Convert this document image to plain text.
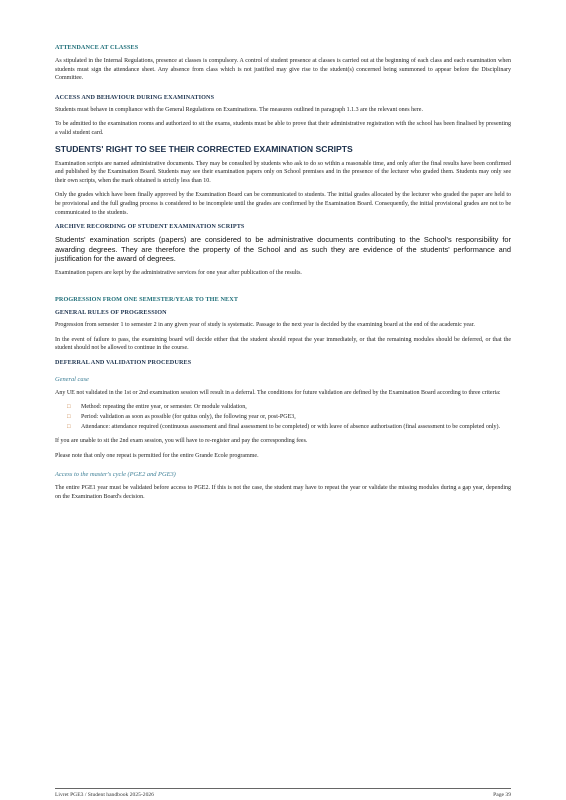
ATTENDANCE AT CLASSES

As stipulated in the Internal Regulations, presence at classes is compulsory. A control of student presence at classes is carried out at the beginning of each class and each examination when students must sign the attendance sheet. Any absence from class which is not justified may give rise to the student(s) concerned being summoned to appear before the Disciplinary Committee.

ACCESS AND BEHAVIOUR DURING EXAMINATIONS

Students must behave in compliance with the General Regulations on Examinations. The measures outlined in paragraph 1.1.3 are the relevant ones here.

To be admitted to the examination rooms and authorized to sit the exams, students must be able to prove that their administrative registration with the school has been finalised by presenting a valid student card.

STUDENTS' RIGHT TO SEE THEIR CORRECTED EXAMINATION SCRIPTS

Examination scripts are named administrative documents. They may be consulted by students who ask to do so within a reasonable time, and only after the final results have been confirmed and published by the Examination Board. Students may see their examination papers only on School premises and in the presence of the lecturer who graded them. Students may only see their own scripts, when the mark obtained is strictly less than 10.

Only the grades which have been finally approved by the Examination Board can be communicated to students. The initial grades allocated by the lecturer who graded the paper are held to be provisional and the full grading process is considered to be incomplete until the grades are confirmed by the Examination Board. Consequently, the initial provisional grades are not to be communicated to the students.

ARCHIVE RECORDING OF STUDENT EXAMINATION SCRIPTS

Students' examination scripts (papers) are considered to be administrative documents contributing to the School's responsibility for awarding degrees. They are therefore the property of the School and as such they are evidence of the students' performance and justification for the award of degrees.

Examination papers are kept by the administrative services for one year after publication of the results.

PROGRESSION FROM ONE SEMESTER/YEAR TO THE NEXT
GENERAL RULES OF PROGRESSION

Progression from semester 1 to semester 2 in any given year of study is systematic. Passage to the next year is decided by the examining board at the end of the academic year.

In the event of failure to pass, the examining board will decide either that the student should repeat the year immediately, or that the remaining modules should be deferred, or that the student should not be allowed to continue in the course.

DEFERRAL AND VALIDATION PROCEDURES
General case

Any UE not validated in the 1st or 2nd examination session will result in a deferral. The conditions for future validation are defined by the Examination Board according to three criteria:

□ Method: repeating the entire year, or semester. Or module validation,
□ Period: validation as soon as possible (for quitus only), the following year or, post-PGE3,
□ Attendance: attendance required (continuous assessment and final assessment to be completed) or with leave of absence authorisation (final assessment to be completed only).

If you are unable to sit the 2nd exam session, you will have to re-register and pay the corresponding fees.

Please note that only one repeat is permitted for the entire Grande Ecole programme.

Access to the master's cycle (PGE2 and PGE3)

The entire PGE1 year must be validated before access to PGE2. If this is not the case, the student may have to repeat the year or validate the missing modules during a gap year, depending on the Examination Board's decision.

Livret PGE3 / Student handbook 2025-2026	Page 39
